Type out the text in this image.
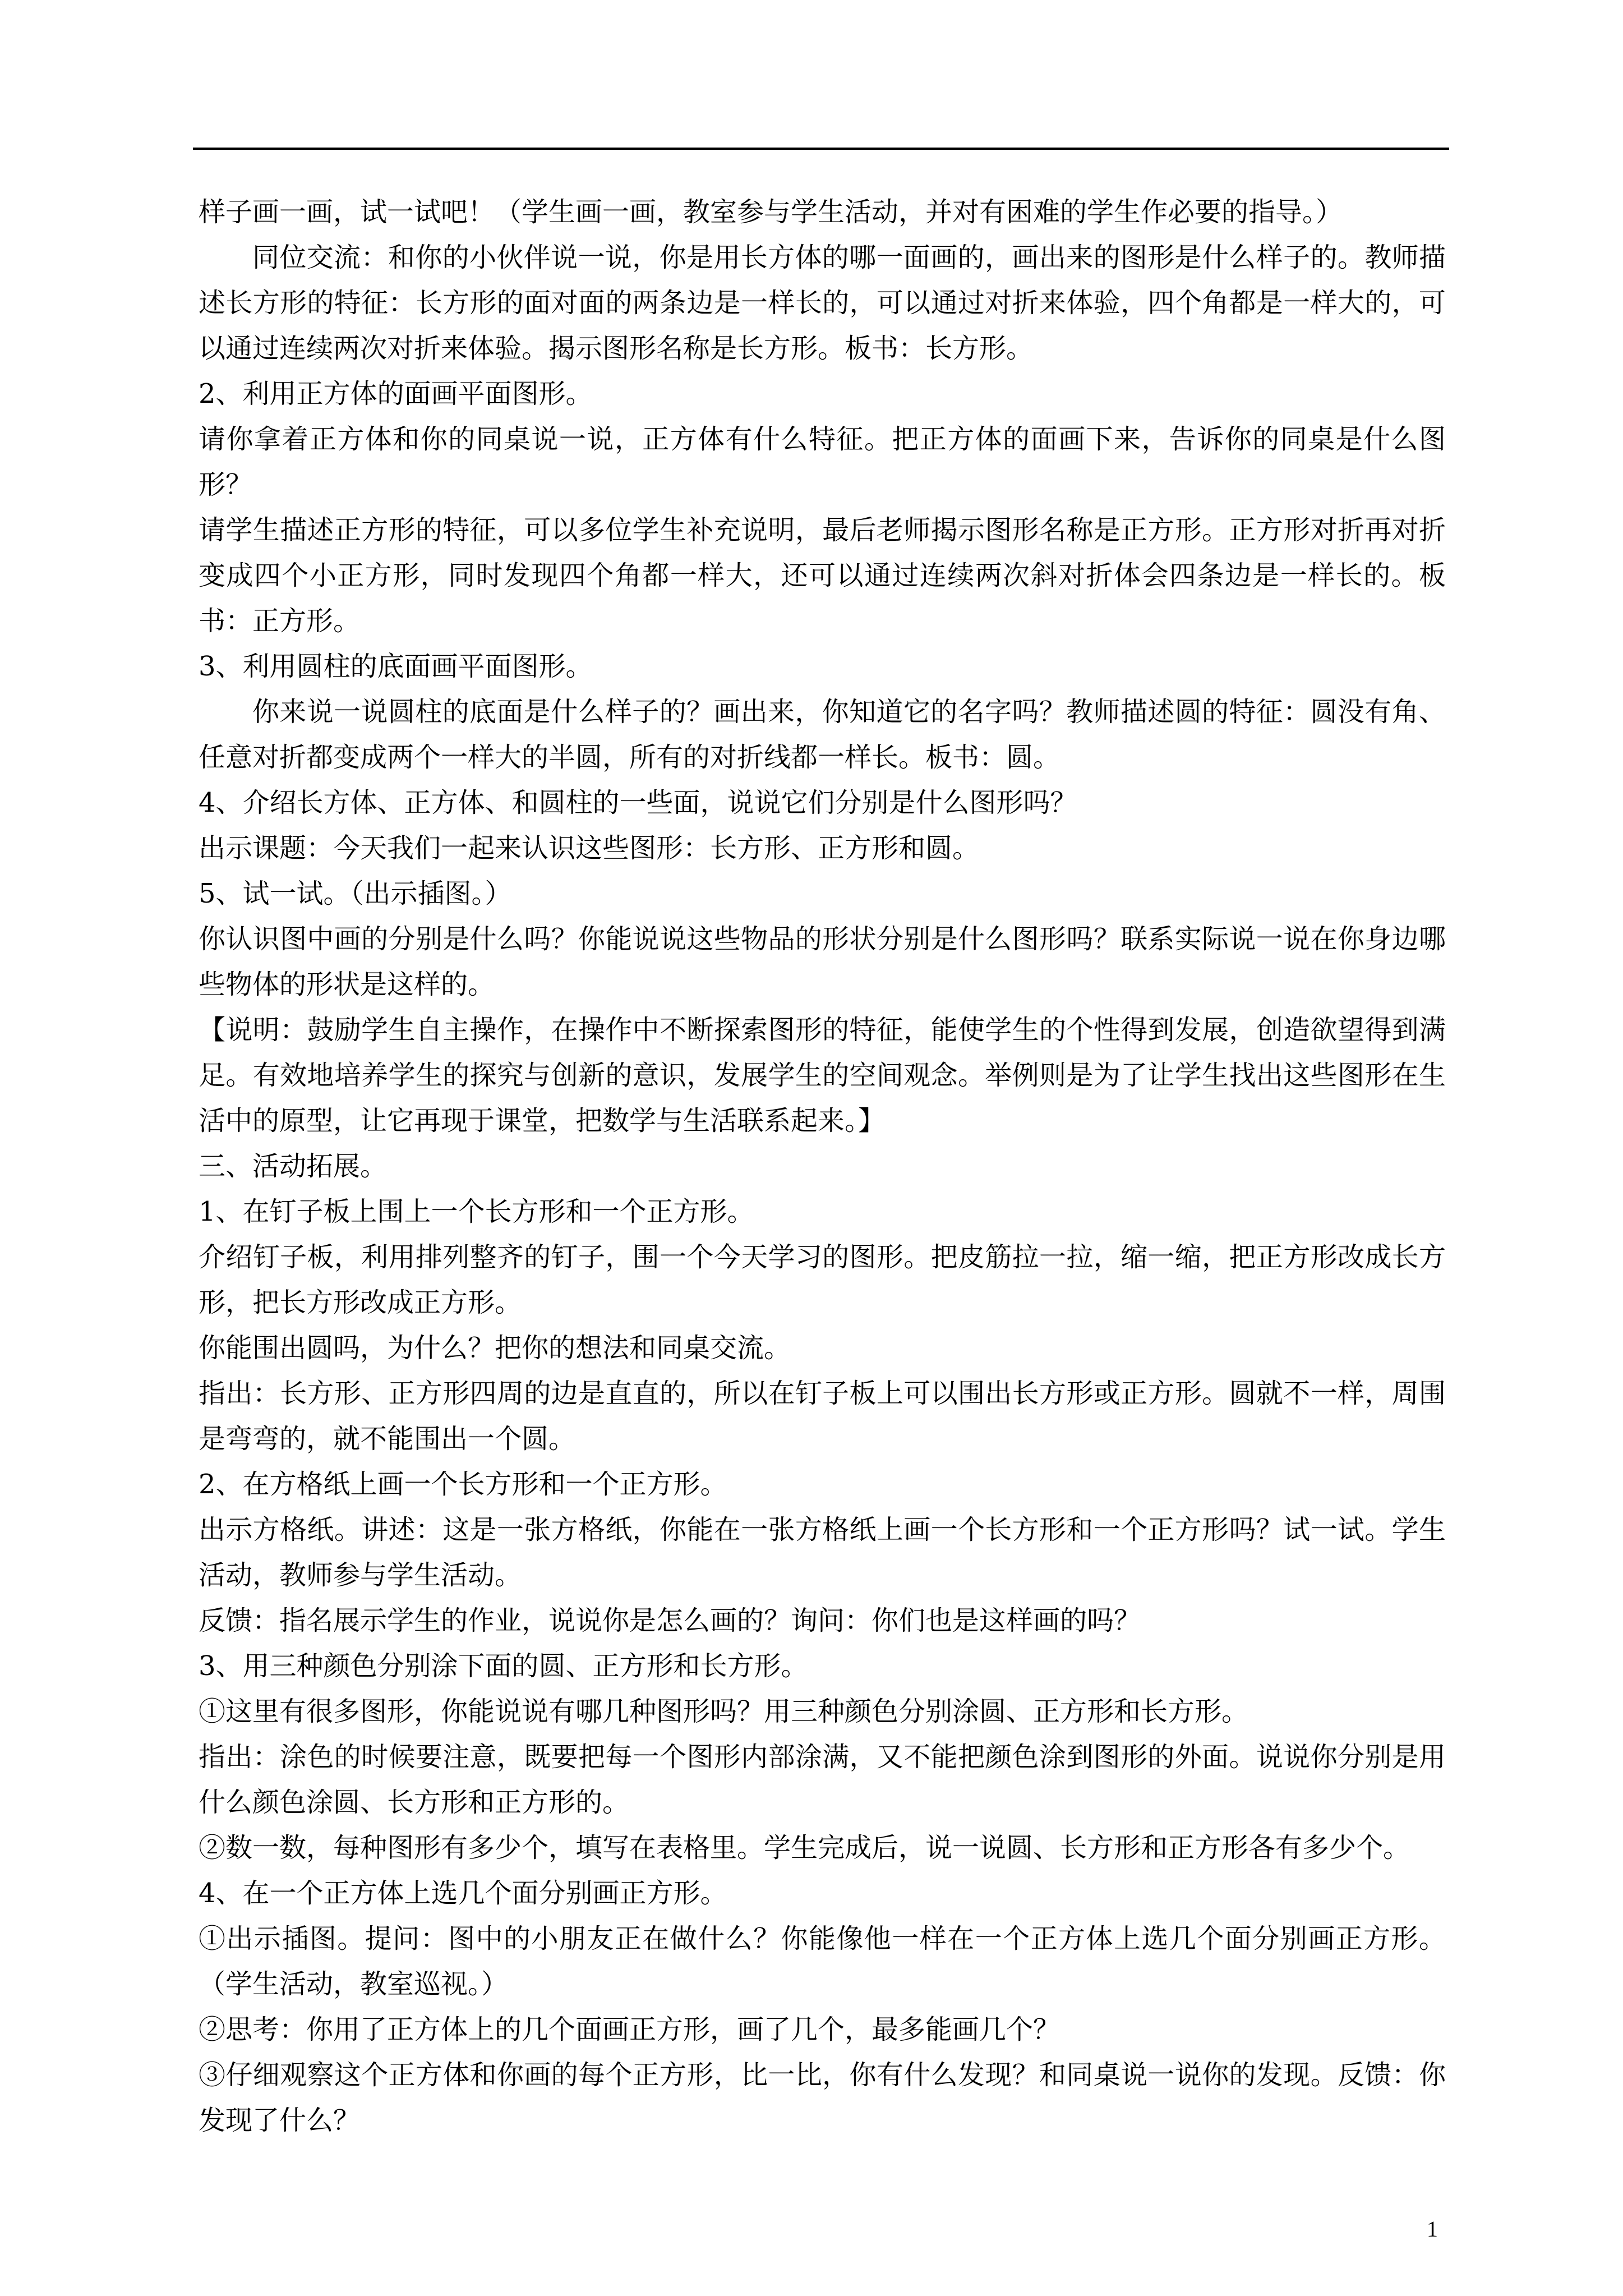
样子画一画，试一试吧！（学生画一画，教室参与学生活动，并对有困难的学生作必要的指导。）

同位交流：和你的小伙伴说一说，你是用长方体的哪一面画的，画出来的图形是什么样子的。教师描述长方形的特征：长方形的面对面的两条边是一样长的，可以通过对折来体验，四个角都是一样大的，可以通过连续两次对折来体验。揭示图形名称是长方形。板书：长方形。

2、利用正方体的面画平面图形。

请你拿着正方体和你的同桌说一说，正方体有什么特征。把正方体的面画下来，告诉你的同桌是什么图形？

请学生描述正方形的特征，可以多位学生补充说明，最后老师揭示图形名称是正方形。正方形对折再对折变成四个小正方形，同时发现四个角都一样大，还可以通过连续两次斜对折体会四条边是一样长的。板书：正方形。

3、利用圆柱的底面画平面图形。

你来说一说圆柱的底面是什么样子的？画出来，你知道它的名字吗？教师描述圆的特征：圆没有角、任意对折都变成两个一样大的半圆，所有的对折线都一样长。板书：圆。

4、介绍长方体、正方体、和圆柱的一些面，说说它们分别是什么图形吗？

出示课题：今天我们一起来认识这些图形：长方形、正方形和圆。

5、试一试。（出示插图。）

你认识图中画的分别是什么吗？你能说说这些物品的形状分别是什么图形吗？联系实际说一说在你身边哪些物体的形状是这样的。

【说明：鼓励学生自主操作，在操作中不断探索图形的特征，能使学生的个性得到发展，创造欲望得到满足。有效地培养学生的探究与创新的意识，发展学生的空间观念。举例则是为了让学生找出这些图形在生活中的原型，让它再现于课堂，把数学与生活联系起来。】

三、活动拓展。

1、在钉子板上围上一个长方形和一个正方形。

介绍钉子板，利用排列整齐的钉子，围一个今天学习的图形。把皮筋拉一拉，缩一缩，把正方形改成长方形，把长方形改成正方形。

你能围出圆吗，为什么？把你的想法和同桌交流。

指出：长方形、正方形四周的边是直直的，所以在钉子板上可以围出长方形或正方形。圆就不一样，周围是弯弯的，就不能围出一个圆。

2、在方格纸上画一个长方形和一个正方形。

出示方格纸。讲述：这是一张方格纸，你能在一张方格纸上画一个长方形和一个正方形吗？试一试。学生活动，教师参与学生活动。

反馈：指名展示学生的作业，说说你是怎么画的？询问：你们也是这样画的吗？

3、用三种颜色分别涂下面的圆、正方形和长方形。

①这里有很多图形，你能说说有哪几种图形吗？用三种颜色分别涂圆、正方形和长方形。

指出：涂色的时候要注意，既要把每一个图形内部涂满，又不能把颜色涂到图形的外面。说说你分别是用什么颜色涂圆、长方形和正方形的。

②数一数，每种图形有多少个，填写在表格里。学生完成后，说一说圆、长方形和正方形各有多少个。

4、在一个正方体上选几个面分别画正方形。

①出示插图。提问：图中的小朋友正在做什么？你能像他一样在一个正方体上选几个面分别画正方形。（学生活动，教室巡视。）

②思考：你用了正方体上的几个面画正方形，画了几个，最多能画几个？

③仔细观察这个正方体和你画的每个正方形，比一比，你有什么发现？和同桌说一说你的发现。反馈：你发现了什么？

1
